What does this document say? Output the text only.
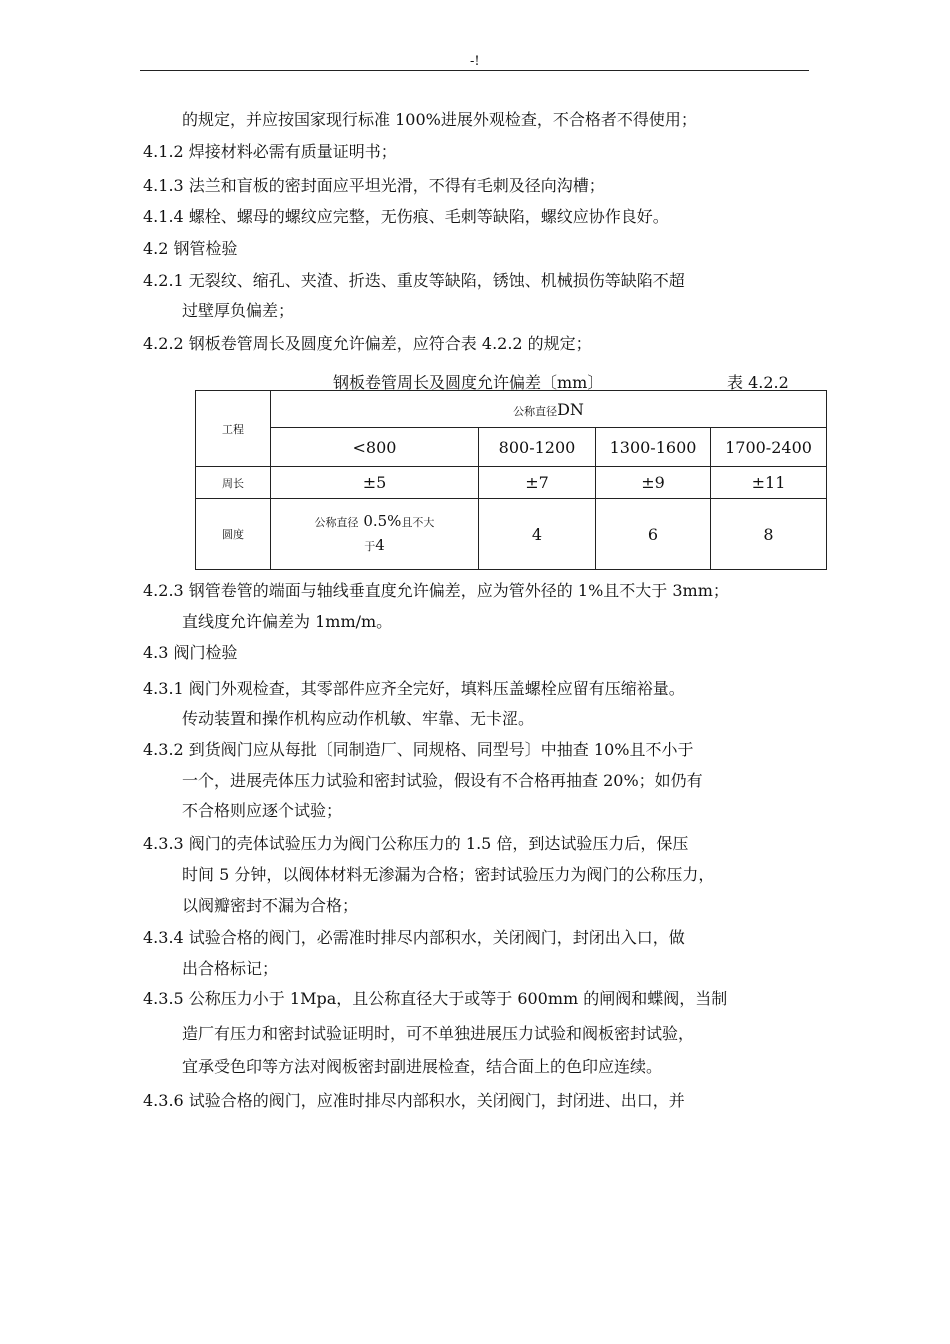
-!
的规定，并应按国家现行标准 100%进展外观检查，不合格者不得使用；
4.1.2 焊接材料必需有质量证明书；
4.1.3 法兰和盲板的密封面应平坦光滑，不得有毛刺及径向沟槽；
4.1.4 螺栓、螺母的螺纹应完整，无伤痕、毛刺等缺陷，螺纹应协作良好。
4.2 钢管检验
4.2.1 无裂纹、缩孔、夹渣、折迭、重皮等缺陷，锈蚀、机械损伤等缺陷不超
过壁厚负偏差；
4.2.2 钢板卷管周长及圆度允许偏差，应符合表 4.2.2 的规定；
钢板卷管周长及圆度允许偏差〔mm〕	表 4.2.2
工程	公称直径DN			
	<800	800-1200	1300-1600	1700-2400
周长	±5	±7	±9	±11
圆度	公称直径 0.5%且不大
于4	4	6	8
4.2.3 钢管卷管的端面与轴线垂直度允许偏差，应为管外径的 1%且不大于 3mm；
直线度允许偏差为 1mm/m。
4.3 阀门检验
4.3.1 阀门外观检查，其零部件应齐全完好，填料压盖螺栓应留有压缩裕量。
传动装置和操作机构应动作机敏、牢靠、无卡涩。
4.3.2 到货阀门应从每批〔同制造厂、同规格、同型号〕中抽查 10%且不小于
一个，进展壳体压力试验和密封试验，假设有不合格再抽查 20%；如仍有
不合格则应逐个试验；
4.3.3 阀门的壳体试验压力为阀门公称压力的 1.5 倍，到达试验压力后，保压
时间 5 分钟，以阀体材料无渗漏为合格；密封试验压力为阀门的公称压力，
以阀瓣密封不漏为合格；
4.3.4 试验合格的阀门，必需准时排尽内部积水，关闭阀门，封闭出入口，做
出合格标记；
4.3.5 公称压力小于 1Mpa，且公称直径大于或等于 600mm 的闸阀和蝶阀，当制
造厂有压力和密封试验证明时，可不单独进展压力试验和阀板密封试验，
宜承受色印等方法对阀板密封副进展检查，结合面上的色印应连续。
4.3.6 试验合格的阀门，应准时排尽内部积水，关闭阀门，封闭进、出口，并
